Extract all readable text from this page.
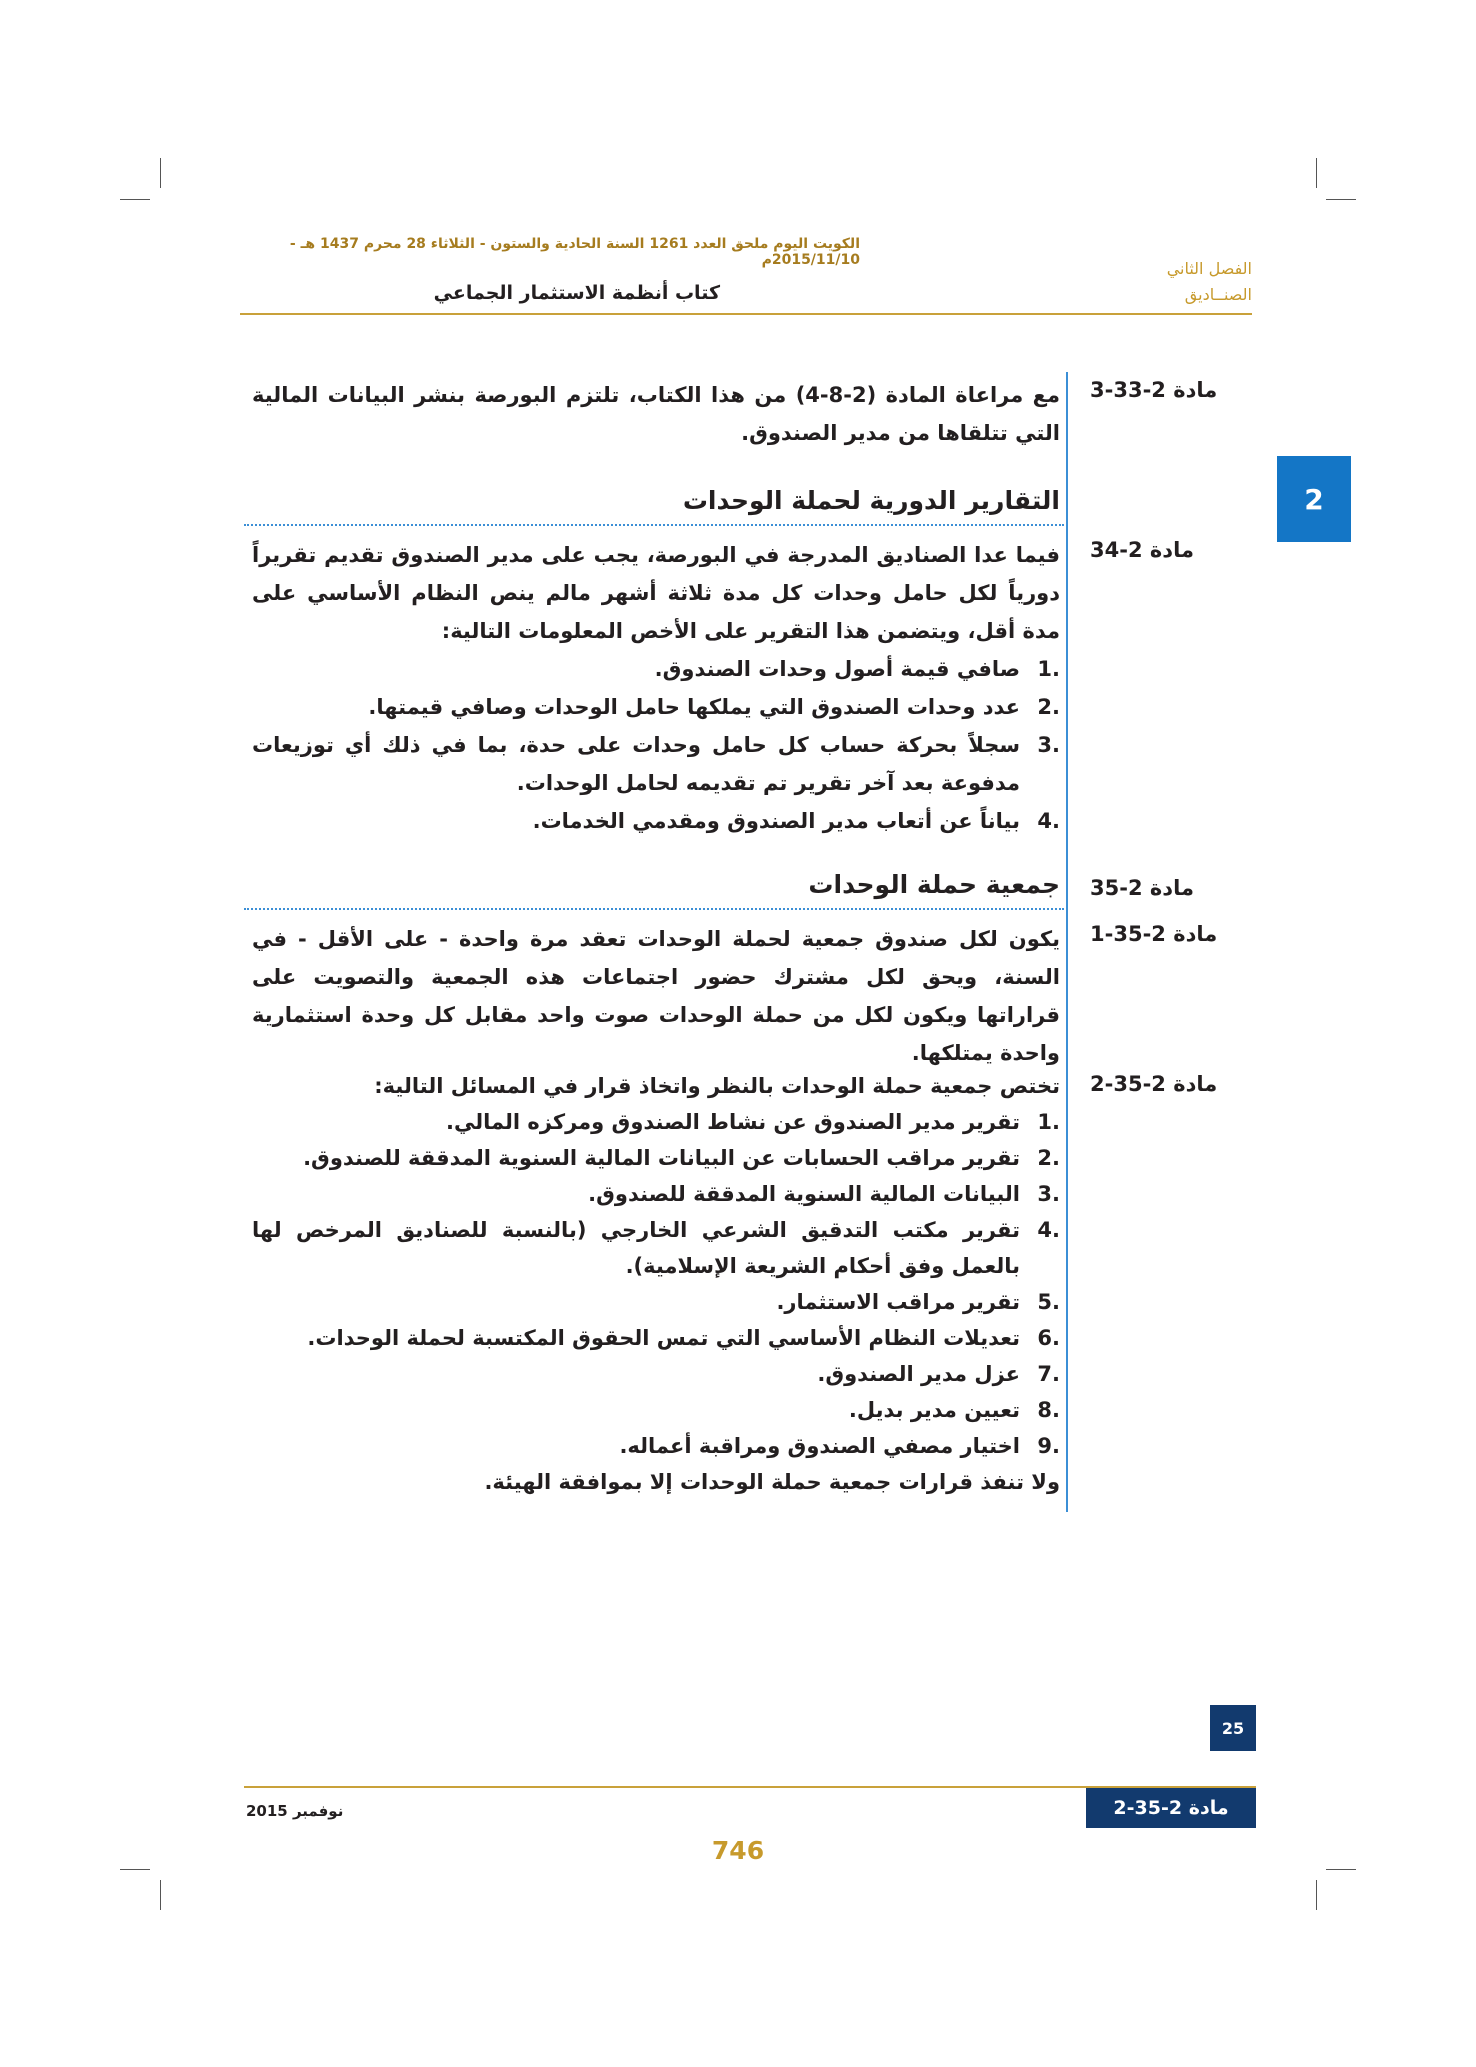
الكويت اليوم ملحق العدد 1261 السنة الحادية والستون - الثلاثاء 28 محرم 1437 هـ - 2015/11/10م
كتاب أنظمة الاستثمار الجماعي
الفصل الثاني
الصنــاديق
2
مادة 2-33-3
مع مراعاة المادة (2-8-4) من هذا الكتاب، تلتزم البورصة بنشر البيانات المالية التي تتلقاها من مدير الصندوق.
التقارير الدورية لحملة الوحدات
مادة 2-34
فيما عدا الصناديق المدرجة في البورصة، يجب على مدير الصندوق تقديم تقريراً دورياً لكل حامل وحدات كل مدة ثلاثة أشهر مالم ينص النظام الأساسي على مدة أقل، ويتضمن هذا التقرير على الأخص المعلومات التالية:
1.
صافي قيمة أصول وحدات الصندوق.
2.
عدد وحدات الصندوق التي يملكها حامل الوحدات وصافي قيمتها.
3.
سجلاً بحركة حساب كل حامل وحدات على حدة، بما في ذلك أي توزيعات مدفوعة بعد آخر تقرير تم تقديمه لحامل الوحدات.
4.
بياناً عن أتعاب مدير الصندوق ومقدمي الخدمات.
مادة 2-35
جمعية حملة الوحدات
مادة 2-35-1
يكون لكل صندوق جمعية لحملة الوحدات تعقد مرة واحدة - على الأقل - في السنة، ويحق لكل مشترك حضور اجتماعات هذه الجمعية والتصويت على قراراتها ويكون لكل من حملة الوحدات صوت واحد مقابل كل وحدة استثمارية واحدة يمتلكها.
مادة 2-35-2
تختص جمعية حملة الوحدات بالنظر واتخاذ قرار في المسائل التالية:
1.
تقرير مدير الصندوق عن نشاط الصندوق ومركزه المالي.
2.
تقرير مراقب الحسابات عن البيانات المالية السنوية المدققة للصندوق.
3.
البيانات المالية السنوية المدققة للصندوق.
4.
تقرير مكتب التدقيق الشرعي الخارجي (بالنسبة للصناديق المرخص لها بالعمل وفق أحكام الشريعة الإسلامية).
5.
تقرير مراقب الاستثمار.
6.
تعديلات النظام الأساسي التي تمس الحقوق المكتسبة لحملة الوحدات.
7.
عزل مدير الصندوق.
8.
تعيين مدير بديل.
9.
اختيار مصفي الصندوق ومراقبة أعماله.
ولا تنفذ قرارات جمعية حملة الوحدات إلا بموافقة الهيئة.
25
نوفمبر 2015	مادة 2-35-2
746
